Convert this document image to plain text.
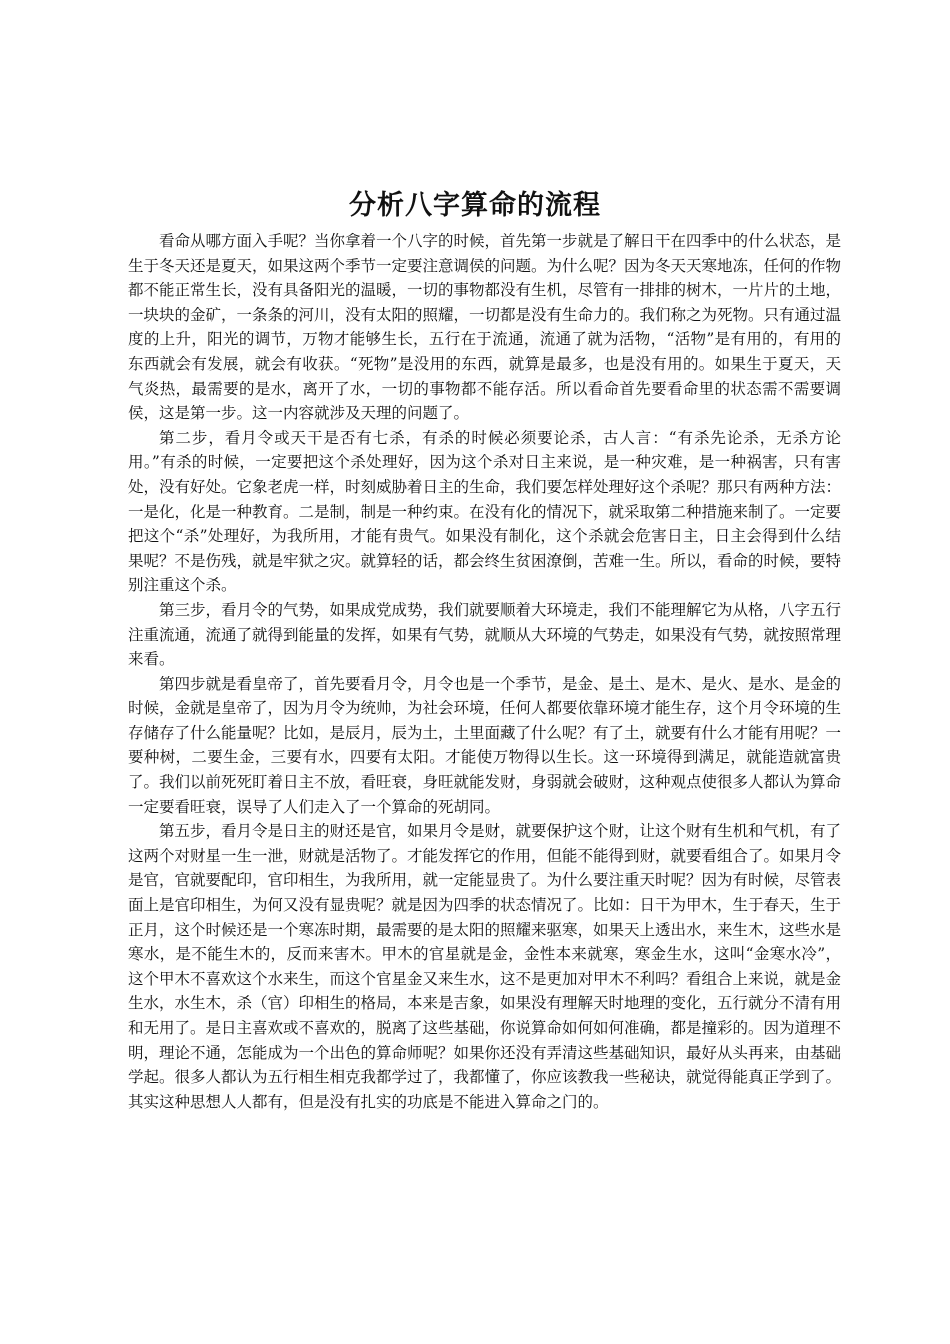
分析八字算命的流程

看命从哪方面入手呢？当你拿着一个八字的时候，首先第一步就是了解日干在四季中的什么状态，是生于冬天还是夏天，如果这两个季节一定要注意调侯的问题。为什么呢？因为冬天天寒地冻，任何的作物都不能正常生长，没有具备阳光的温暖，一切的事物都没有生机，尽管有一排排的树木，一片片的土地，一块块的金矿，一条条的河川，没有太阳的照耀，一切都是没有生命力的。我们称之为死物。只有通过温度的上升，阳光的调节，万物才能够生长，五行在于流通，流通了就为活物，“活物”是有用的，有用的东西就会有发展，就会有收获。“死物”是没用的东西，就算是最多，也是没有用的。如果生于夏天，天气炎热，最需要的是水，离开了水，一切的事物都不能存活。所以看命首先要看命里的状态需不需要调侯，这是第一步。这一内容就涉及天理的问题了。

第二步，看月令或天干是否有七杀，有杀的时候必须要论杀，古人言：“有杀先论杀，无杀方论用。”有杀的时候，一定要把这个杀处理好，因为这个杀对日主来说，是一种灾难，是一种祸害，只有害处，没有好处。它象老虎一样，时刻威胁着日主的生命，我们要怎样处理好这个杀呢？那只有两种方法：一是化，化是一种教育。二是制，制是一种约束。在没有化的情况下，就采取第二种措施来制了。一定要把这个“杀”处理好，为我所用，才能有贵气。如果没有制化，这个杀就会危害日主，日主会得到什么结果呢？不是伤残，就是牢狱之灾。就算轻的话，都会终生贫困潦倒，苦难一生。所以，看命的时候，要特别注重这个杀。

第三步，看月令的气势，如果成党成势，我们就要顺着大环境走，我们不能理解它为从格，八字五行注重流通，流通了就得到能量的发挥，如果有气势，就顺从大环境的气势走，如果没有气势，就按照常理来看。

第四步就是看皇帝了，首先要看月令，月令也是一个季节，是金、是土、是木、是火、是水、是金的时候，金就是皇帝了，因为月令为统帅，为社会环境，任何人都要依靠环境才能生存，这个月令环境的生存储存了什么能量呢？比如，是辰月，辰为土，土里面藏了什么呢？有了土，就要有什么才能有用呢？一要种树，二要生金，三要有水，四要有太阳。才能使万物得以生长。这一环境得到满足，就能造就富贵了。我们以前死死盯着日主不放，看旺衰，身旺就能发财，身弱就会破财，这种观点使很多人都认为算命一定要看旺衰，误导了人们走入了一个算命的死胡同。

第五步，看月令是日主的财还是官，如果月令是财，就要保护这个财，让这个财有生机和气机，有了这两个对财星一生一泄，财就是活物了。才能发挥它的作用，但能不能得到财，就要看组合了。如果月令是官，官就要配印，官印相生，为我所用，就一定能显贵了。为什么要注重天时呢？因为有时候，尽管表面上是官印相生，为何又没有显贵呢？就是因为四季的状态情况了。比如：日干为甲木，生于春天，生于正月，这个时候还是一个寒冻时期，最需要的是太阳的照耀来驱寒，如果天上透出水，来生木，这些水是寒水，是不能生木的，反而来害木。甲木的官星就是金，金性本来就寒，寒金生水，这叫“金寒水冷”，这个甲木不喜欢这个水来生，而这个官星金又来生水，这不是更加对甲木不利吗？看组合上来说，就是金生水，水生木，杀（官）印相生的格局，本来是吉象，如果没有理解天时地理的变化，五行就分不清有用和无用了。是日主喜欢或不喜欢的，脱离了这些基础，你说算命如何如何准确，都是撞彩的。因为道理不明，理论不通，怎能成为一个出色的算命师呢？如果你还没有弄清这些基础知识，最好从头再来，由基础学起。很多人都认为五行相生相克我都学过了，我都懂了，你应该教我一些秘诀，就觉得能真正学到了。其实这种思想人人都有，但是没有扎实的功底是不能进入算命之门的。
